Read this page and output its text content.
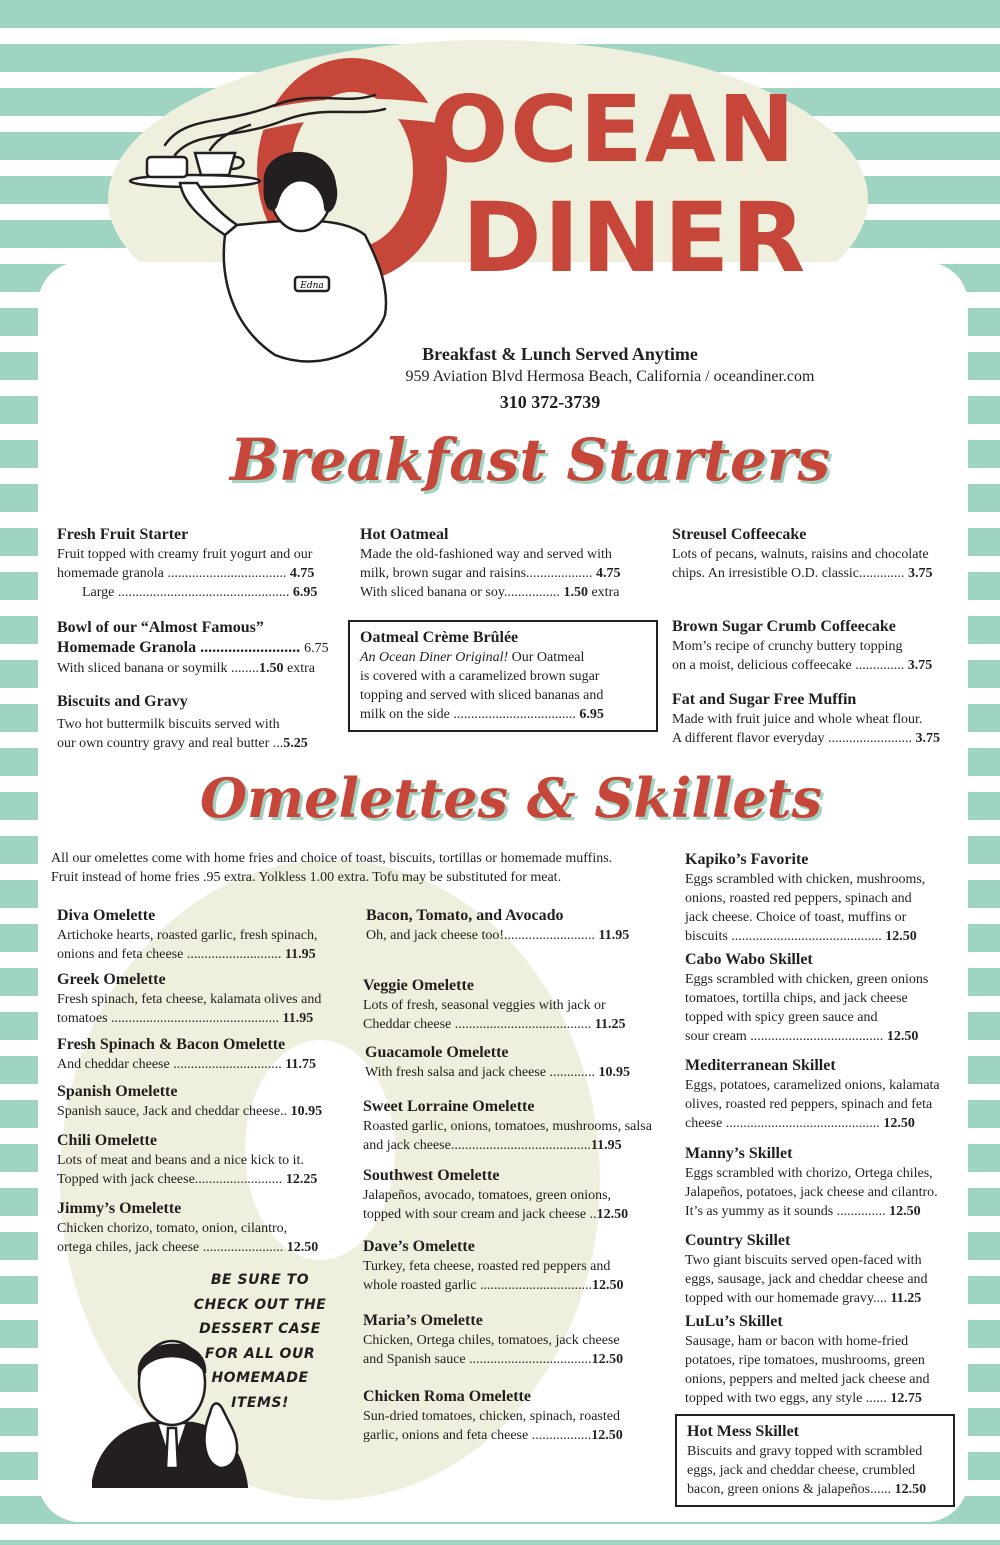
OCEAN
DINER
Edna
Breakfast & Lunch Served Anytime
959 Aviation Blvd Hermosa Beach, California / oceandiner.com
310 372-3739
Breakfast Starters
Fresh Fruit Starter
Fruit topped with creamy fruit yogurt and our
homemade granola .................................. 4.75
Large ................................................. 6.95
Bowl of our “Almost Famous”
Homemade Granola ......................... 6.75
With sliced banana or soymilk ........1.50 extra
Biscuits and Gravy
Two hot buttermilk biscuits served with
our own country gravy and real butter ...5.25
Hot Oatmeal
Made the old-fashioned way and served with
milk, brown sugar and raisins................... 4.75
With sliced banana or soy................ 1.50 extra
Oatmeal Crème Brûlée
An Ocean Diner Original! Our Oatmeal
is covered with a caramelized brown sugar
topping and served with sliced bananas and
milk on the side ................................... 6.95
Streusel Coffeecake
Lots of pecans, walnuts, raisins and chocolate
chips. An irresistible O.D. classic............. 3.75
Brown Sugar Crumb Coffeecake
Mom’s recipe of crunchy buttery topping
on a moist, delicious coffeecake .............. 3.75
Fat and Sugar Free Muffin
Made with fruit juice and whole wheat flour.
A different flavor everyday ........................ 3.75
Omelettes & Skillets
All our omelettes come with home fries and choice of toast, biscuits, tortillas or homemade muffins.
Fruit instead of home fries .95 extra. Yolkless 1.00 extra. Tofu may be substituted for meat.
Diva Omelette
Artichoke hearts, roasted garlic, fresh spinach,
onions and feta cheese ........................... 11.95
Greek Omelette
Fresh spinach, feta cheese, kalamata olives and
tomatoes ................................................ 11.95
Fresh Spinach & Bacon Omelette
And cheddar cheese ............................... 11.75
Spanish Omelette
Spanish sauce, Jack and cheddar cheese.. 10.95
Chili Omelette
Lots of meat and beans and a nice kick to it.
Topped with jack cheese......................... 12.25
Jimmy’s Omelette
Chicken chorizo, tomato, onion, cilantro,
ortega chiles, jack cheese ....................... 12.50
BE SURE TO
CHECK OUT THE
DESSERT CASE
FOR ALL OUR
HOMEMADE
ITEMS!
Bacon, Tomato, and Avocado
Oh, and jack cheese too!.......................... 11.95
Veggie Omelette
Lots of fresh, seasonal veggies with jack or
Cheddar cheese ....................................... 11.25
Guacamole Omelette
With fresh salsa and jack cheese ............. 10.95
Sweet Lorraine Omelette
Roasted garlic, onions, tomatoes, mushrooms, salsa
and jack cheese........................................11.95
Southwest Omelette
Jalapeños, avocado, tomatoes, green onions,
topped with sour cream and jack cheese ..12.50
Dave’s Omelette
Turkey, feta cheese, roasted red peppers and
whole roasted garlic ................................12.50
Maria’s Omelette
Chicken, Ortega chiles, tomatoes, jack cheese
and Spanish sauce ...................................12.50
Chicken Roma Omelette
Sun-dried tomatoes, chicken, spinach, roasted
garlic, onions and feta cheese .................12.50
Kapiko’s Favorite
Eggs scrambled with chicken, mushrooms,
onions, roasted red peppers, spinach and
jack cheese. Choice of toast, muffins or
biscuits ........................................... 12.50
Cabo Wabo Skillet
Eggs scrambled with chicken, green onions
tomatoes, tortilla chips, and jack cheese
topped with spicy green sauce and
sour cream ...................................... 12.50
Mediterranean Skillet
Eggs, potatoes, caramelized onions, kalamata
olives, roasted red peppers, spinach and feta
cheese ............................................ 12.50
Manny’s Skillet
Eggs scrambled with chorizo, Ortega chiles,
Jalapeños, potatoes, jack cheese and cilantro.
It’s as yummy as it sounds .............. 12.50
Country Skillet
Two giant biscuits served open-faced with
eggs, sausage, jack and cheddar cheese and
topped with our homemade gravy.... 11.25
LuLu’s Skillet
Sausage, ham or bacon with home-fried
potatoes, ripe tomatoes, mushrooms, green
onions, peppers and melted jack cheese and
topped with two eggs, any style ...... 12.75
Hot Mess Skillet
Biscuits and gravy topped with scrambled
eggs, jack and cheddar cheese, crumbled
bacon, green onions & jalapeños...... 12.50
